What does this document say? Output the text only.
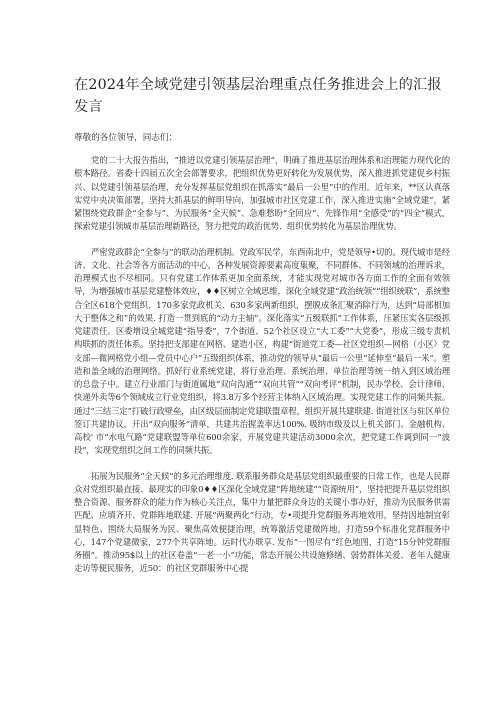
在2024年全域党建引领基层治理重点任务推进会上的汇报发言

尊敬的各位领导，同志们：

党的二十大报告指出，“推进以党建引领基层治理”，明确了推进基层治理体系和治理能力现代化的根本路径。省委十四届五次全会部署要求，把组织优势更好转化为发展优势，深入推进抓党建促乡村振兴、以党建引领基层治理，充分发挥基层党组织在抓落实“最后一公里”中的作用。近年来，**区认真落实党中央决策部署，坚持大抓基层的鲜明导向，加强城市社区党建工作，深入推进实施“全域党建”，紧紧围绕党政群企“全参与”、为民服务“全天候”、急难愁盼“全回应”、先锋作用“全感受”的“四全”模式，探索党建引领城市基层治理新路径，努力把党的政治优势、组织优势转化为基层治理优势。

严密党政群企“全参与”的联动治理机制。党政军民学，东西南北中，党是领导•切的。现代城市是经济、文化、社会等各方面活动的中心，各种发展资源要素高度集聚，不同群体、不同领域的治理诉求，治理模式也不尽相同。只有党建工作体系更加全面系统，才能实现党对城市各方面工作的全面有效领导，为增强城市基层党建整体效应，♦♦区树立全域思维，深化全域党建“政治统领”“组织统联”，系统整合全区618个党组织、170多家党政机关、630多家两新组织，摆脱成条汇聚消除行为，达到“局部相加大于整体之和”的效果. 打造一贯到底的“动力主轴”。深化落实“五级联抓”工作体系，压紧压实各层级抓党建责任。区委增设全城党建“指导委”，7个街道、52个社区设立“大工委”“大党委”，形成三级专责机构联抓的责任体系。坚持把支部建在网格、建造小区，构建“街道党工委—社区党组织—网格（小区）党支部—微网格党小组—党员中心户”五级组织体系，推动党的领导从“最后一公里”延伸至“最后一米”。塑造和盖全域的治理网络。抓好行业系统党建，将行业治理、系统治理、单位治理等统一纳入到区域治理的总盘子中。建立行业部门与街道属地“双向沟通”“双向共管”“双向考评”机制，民办学校、会计律师、快递外卖等6个领域成立行业党组织，将3.8万多个经营主体纳入区域治理。实现党建工作的同频共振。通过“三结三定”打破行政壁垒，由区级层面制定党建联盟章程，组织开展共建联建. 街道社区与驻区单位签订共建协议，开出“双向服务”清单，共建共治握盖率达100%. 吸纳市级及以上机关部门、金融机构、高校' 市“水电气路”党建联盟等单位600余家，开展党建共建活动3000余次，把党建工作调到同一“波段”，实现党组织之间工作的同频共振。

拓展为民服务“全天候”的多元治理维度. 联系服务群众是基层党组织最重要的日常工作，也是人民群众对党组织最直接、最现实的印象0♦♦区深化全域党建“阵地统建”“资源统用”，坚持把提升基层党组织整合资源、服务群众的能力作为核心关注点，集中力量把群众身边的关键小事办好，推动为民服务供需匹配、应填齐开、党群阵地联建. 开展“两聚两化”行动，专•项提升党群服务再地效用，坚持因地制宜彰显特色、围绕大局服务为民、聚焦高效便捷治理，统筹激活党建微阵地，打造59个标准化党群服务中心，147个党建微家，277个共享阵地。运时代办联享. 发布“一图尽有”红色地图，打造“15分钟党群服务圈”。推动95$以上的社区卷盖“一老一小”功能，常态开展公共设施修缮、弱势群体关爱、老年人健康走访等便民服务，近50：的社区党群服务中心提
